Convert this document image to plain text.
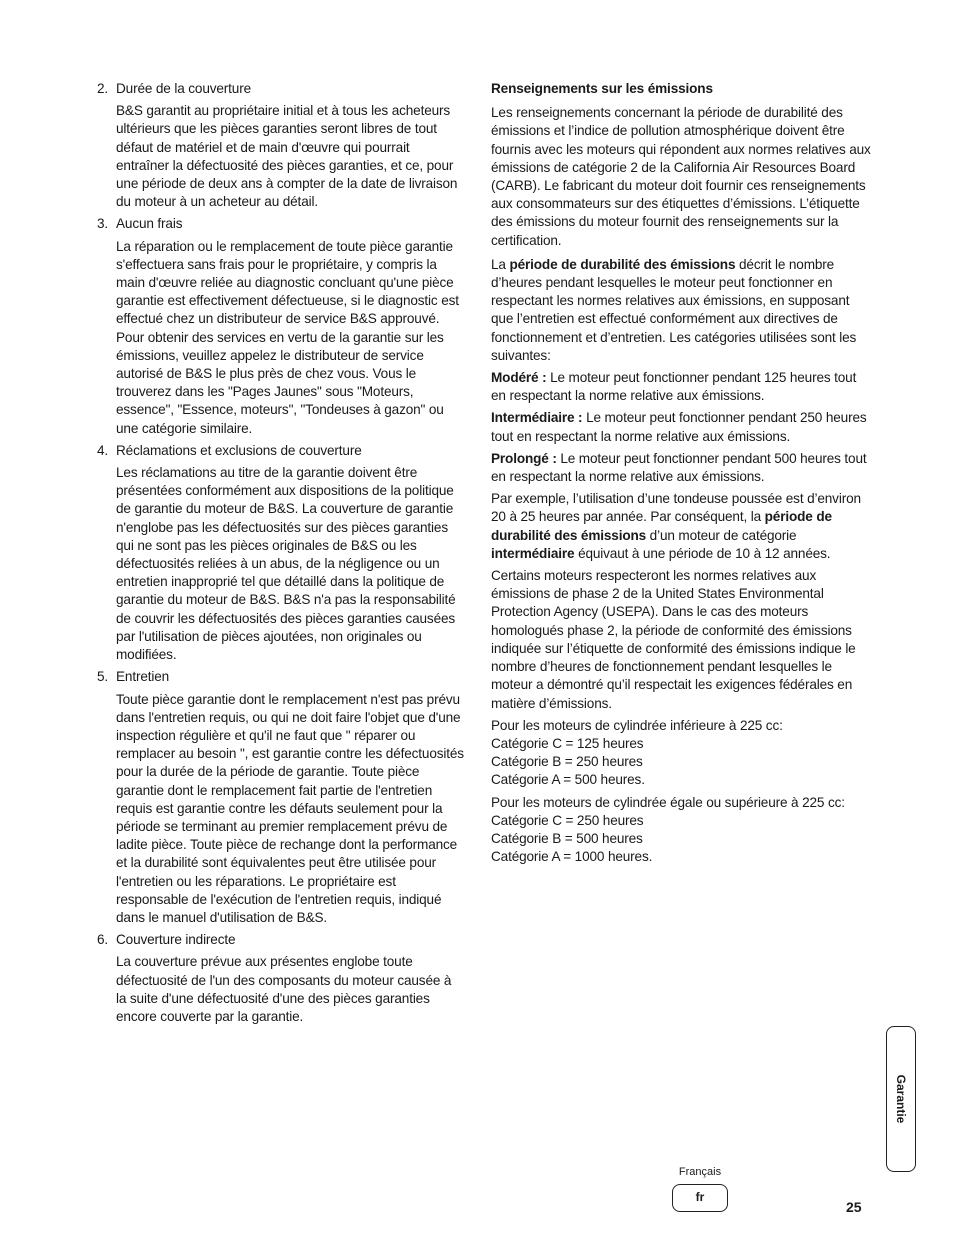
2. Durée de la couverture
B&S garantit au propriétaire initial et à tous les acheteurs ultérieurs que les pièces garanties seront libres de tout défaut de matériel et de main d'œuvre qui pourrait entraîner la défectuosité des pièces garanties, et ce, pour une période de deux ans à compter de la date de livraison du moteur à un acheteur au détail.
3. Aucun frais
La réparation ou le remplacement de toute pièce garantie s'effectuera sans frais pour le propriétaire, y compris la main d'œuvre reliée au diagnostic concluant qu'une pièce garantie est effectivement défectueuse, si le diagnostic est effectué chez un distributeur de service B&S approuvé. Pour obtenir des services en vertu de la garantie sur les émissions, veuillez appelez le distributeur de service autorisé de B&S le plus près de chez vous. Vous le trouverez dans les "Pages Jaunes" sous "Moteurs, essence", "Essence, moteurs", "Tondeuses à gazon" ou une catégorie similaire.
4. Réclamations et exclusions de couverture
Les réclamations au titre de la garantie doivent être présentées conformément aux dispositions de la politique de garantie du moteur de B&S. La couverture de garantie n'englobe pas les défectuosités sur des pièces garanties qui ne sont pas les pièces originales de B&S ou les défectuosités reliées à un abus, de la négligence ou un entretien inapproprié tel que détaillé dans la politique de garantie du moteur de B&S. B&S n'a pas la responsabilité de couvrir les défectuosités des pièces garanties causées par l'utilisation de pièces ajoutées, non originales ou modifiées.
5. Entretien
Toute pièce garantie dont le remplacement n'est pas prévu dans l'entretien requis, ou qui ne doit faire l'objet que d'une inspection régulière et qu'il ne faut que " réparer ou remplacer au besoin ", est garantie contre les défectuosités pour la durée de la période de garantie. Toute pièce garantie dont le remplacement fait partie de l'entretien requis est garantie contre les défauts seulement pour la période se terminant au premier remplacement prévu de ladite pièce. Toute pièce de rechange dont la performance et la durabilité sont équivalentes peut être utilisée pour l'entretien ou les réparations. Le propriétaire est responsable de l'exécution de l'entretien requis, indiqué dans le manuel d'utilisation de B&S.
6. Couverture indirecte
La couverture prévue aux présentes englobe toute défectuosité de l'un des composants du moteur causée à la suite d'une défectuosité d'une des pièces garanties encore couverte par la garantie.
Renseignements sur les émissions

Les renseignements concernant la période de durabilité des émissions et l’indice de pollution atmosphérique doivent être fournis avec les moteurs qui répondent aux normes relatives aux émissions de catégorie 2 de la California Air Resources Board (CARB). Le fabricant du moteur doit fournir ces renseignements aux consommateurs sur des étiquettes d’émissions. L’étiquette des émissions du moteur fournit des renseignements sur la certification.

La période de durabilité des émissions décrit le nombre d’heures pendant lesquelles le moteur peut fonctionner en respectant les normes relatives aux émissions, en supposant que l’entretien est effectué conformément aux directives de fonctionnement et d’entretien. Les catégories utilisées sont les suivantes:

Modéré : Le moteur peut fonctionner pendant 125 heures tout en respectant la norme relative aux émissions.

Intermédiaire : Le moteur peut fonctionner pendant 250 heures tout en respectant la norme relative aux émissions.

Prolongé : Le moteur peut fonctionner pendant 500 heures tout en respectant la norme relative aux émissions.

Par exemple, l’utilisation d’une tondeuse poussée est d’environ 20 à 25 heures par année. Par conséquent, la période de durabilité des émissions d’un moteur de catégorie intermédiaire équivaut à une période de 10 à 12 années.

Certains moteurs respecteront les normes relatives aux émissions de phase 2 de la United States Environmental Protection Agency (USEPA). Dans le cas des moteurs homologués phase 2, la période de conformité des émissions indiquée sur l’étiquette de conformité des émissions indique le nombre d’heures de fonctionnement pendant lesquelles le moteur a démontré qu’il respectait les exigences fédérales en matière d’émissions.

Pour les moteurs de cylindrée inférieure à 225 cc:
Catégorie C = 125 heures
Catégorie B = 250 heures
Catégorie A = 500 heures.

Pour les moteurs de cylindrée égale ou supérieure à 225 cc:
Catégorie C = 250 heures
Catégorie B = 500 heures
Catégorie A = 1000 heures.

Garantie
Français
fr
25
